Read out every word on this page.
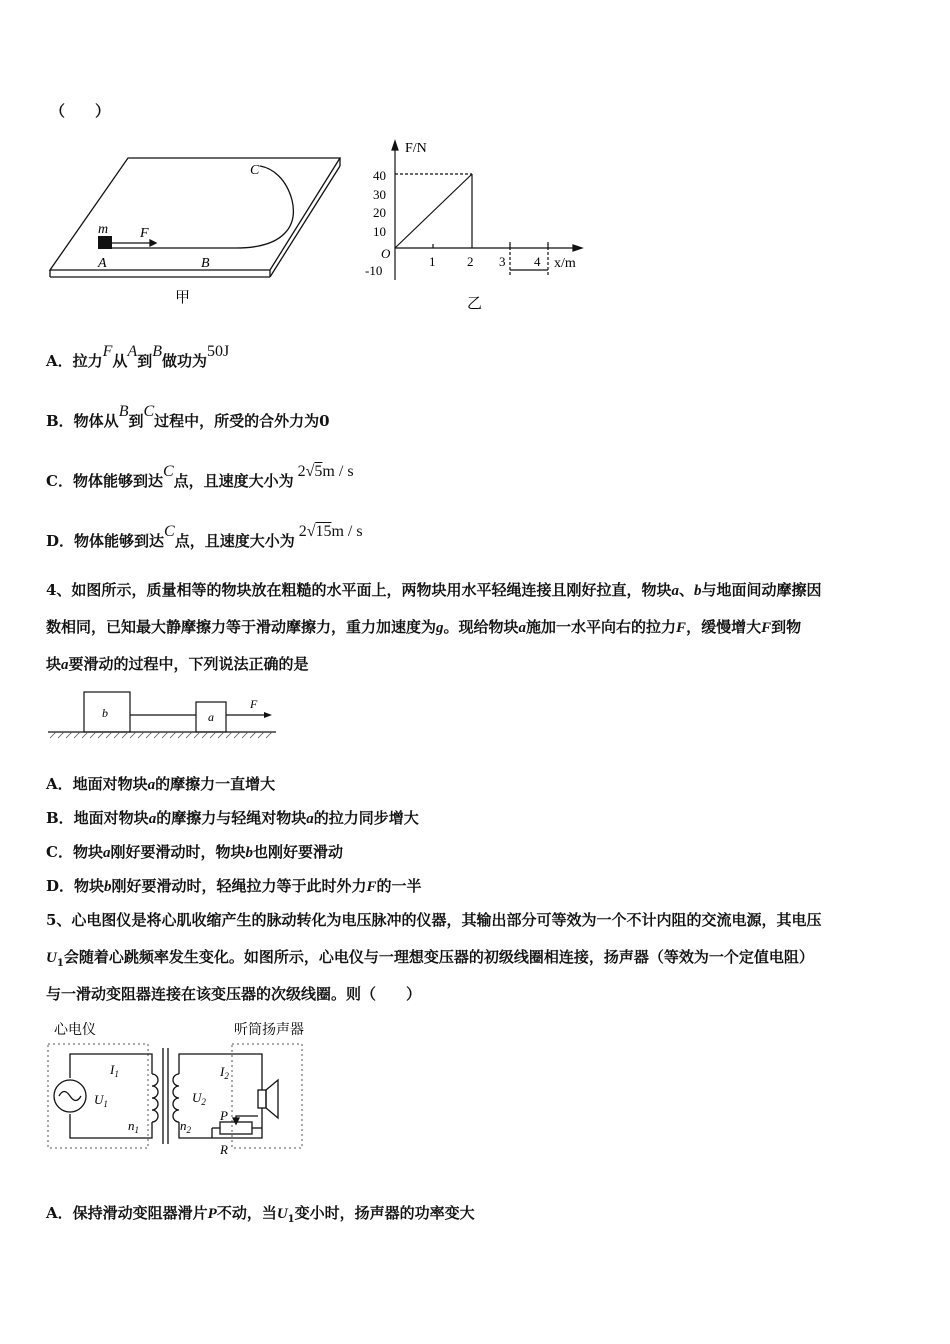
（　　）
m F
A	B
C
甲
F/N
x/m
O
40
30
20
10
-10
1 2 3 4
乙
A．拉力F从A到B做功为50J
B．物体从B到C过程中，所受的合外力为0
C．物体能够到达C点，且速度大小为2√5m / s
D．物体能够到达C点，且速度大小为2√15m / s
4、如图所示，质量相等的物块放在粗糙的水平面上，两物块用水平轻绳连接且刚好拉直，物块a、b与地面间动摩擦因
数相同，已知最大静摩擦力等于滑动摩擦力，重力加速度为g。现给物块a施加一水平向右的拉力F，缓慢增大F到物
块a要滑动的过程中，下列说法正确的是
b	a
F
A．地面对物块a的摩擦力一直增大
B．地面对物块a的摩擦力与轻绳对物块a的拉力同步增大
C．物块a刚好要滑动时，物块b也刚好要滑动
D．物块b刚好要滑动时，轻绳拉力等于此时外力F的一半
5、心电图仪是将心肌收缩产生的脉动转化为电压脉冲的仪器，其输出部分可等效为一个不计内阻的交流电源，其电压
$U_1$会随着心跳频率发生变化。如图所示，心电仪与一理想变压器的初级线圈相连接，扬声器（等效为一个定值电阻）
与一滑动变阻器连接在该变压器的次级线圈。则（　　）
心电仪	听筒扬声器
$I_1$
$U_1$
$n_1$	$n_2$
$U_2$
$I_2$
P
R
A．保持滑动变阻器滑片P不动，当$U_1$变小时，扬声器的功率变大
